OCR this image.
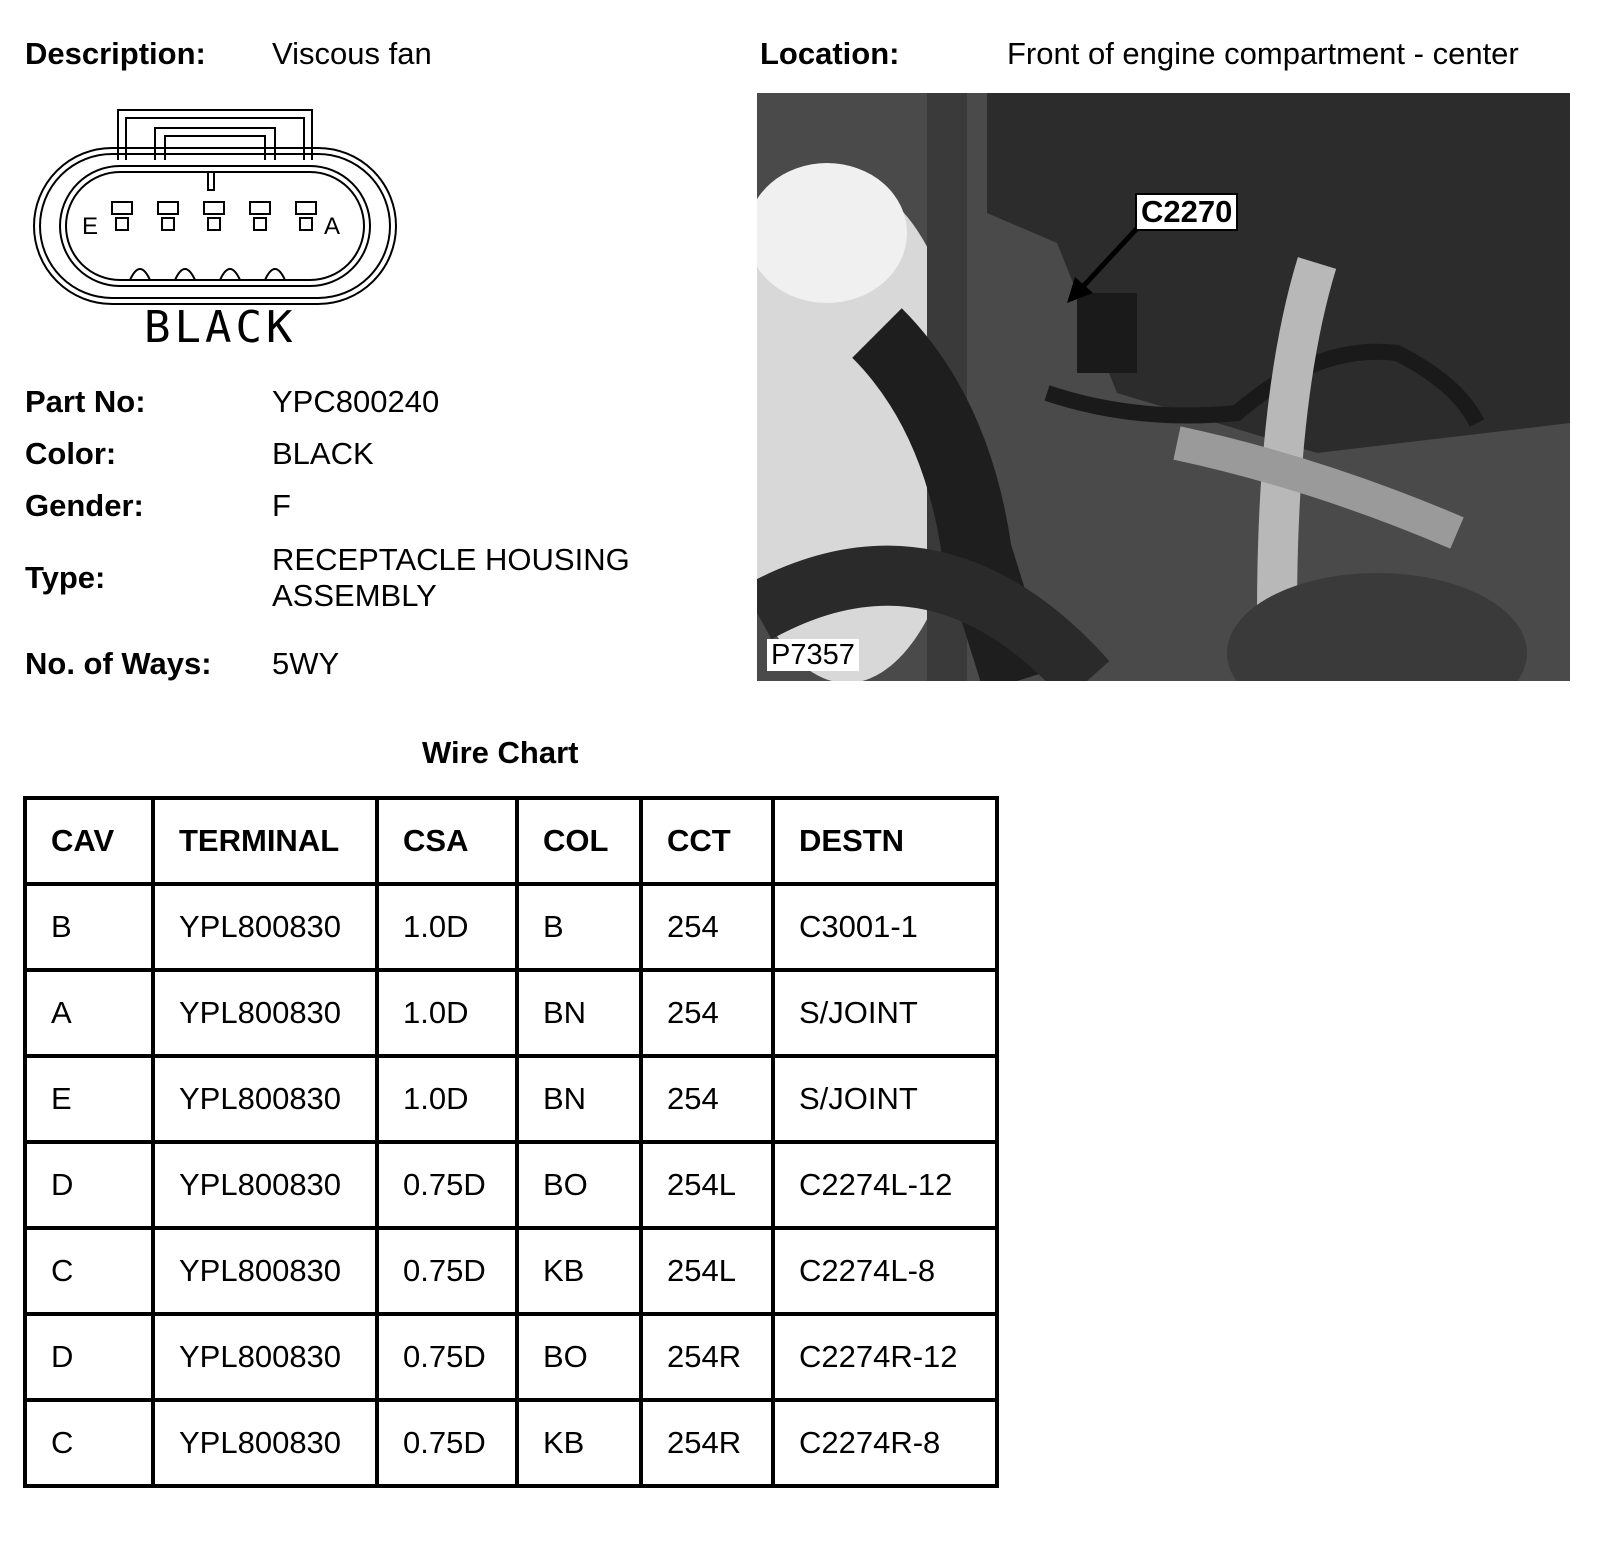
Description: Viscous fan	Location:	Front of engine compartment - center
E	A
BLACK
Part No:	YPC800240
Color:	BLACK
Gender:	F
Type:
RECEPTACLE HOUSING
ASSEMBLY
No. of Ways: 5WY
C2270
P7357
Wire Chart
CAV	TERMINAL	CSA	COL	CCT	DESTN
B	YPL800830	1.0D	B	254	C3001-1
A	YPL800830	1.0D	BN	254	S/JOINT
E	YPL800830	1.0D	BN	254	S/JOINT
D	YPL800830	0.75D	BO	254L	C2274L-12
C	YPL800830	0.75D	KB	254L	C2274L-8
D	YPL800830	0.75D	BO	254R	C2274R-12
C	YPL800830	0.75D	KB	254R	C2274R-8
